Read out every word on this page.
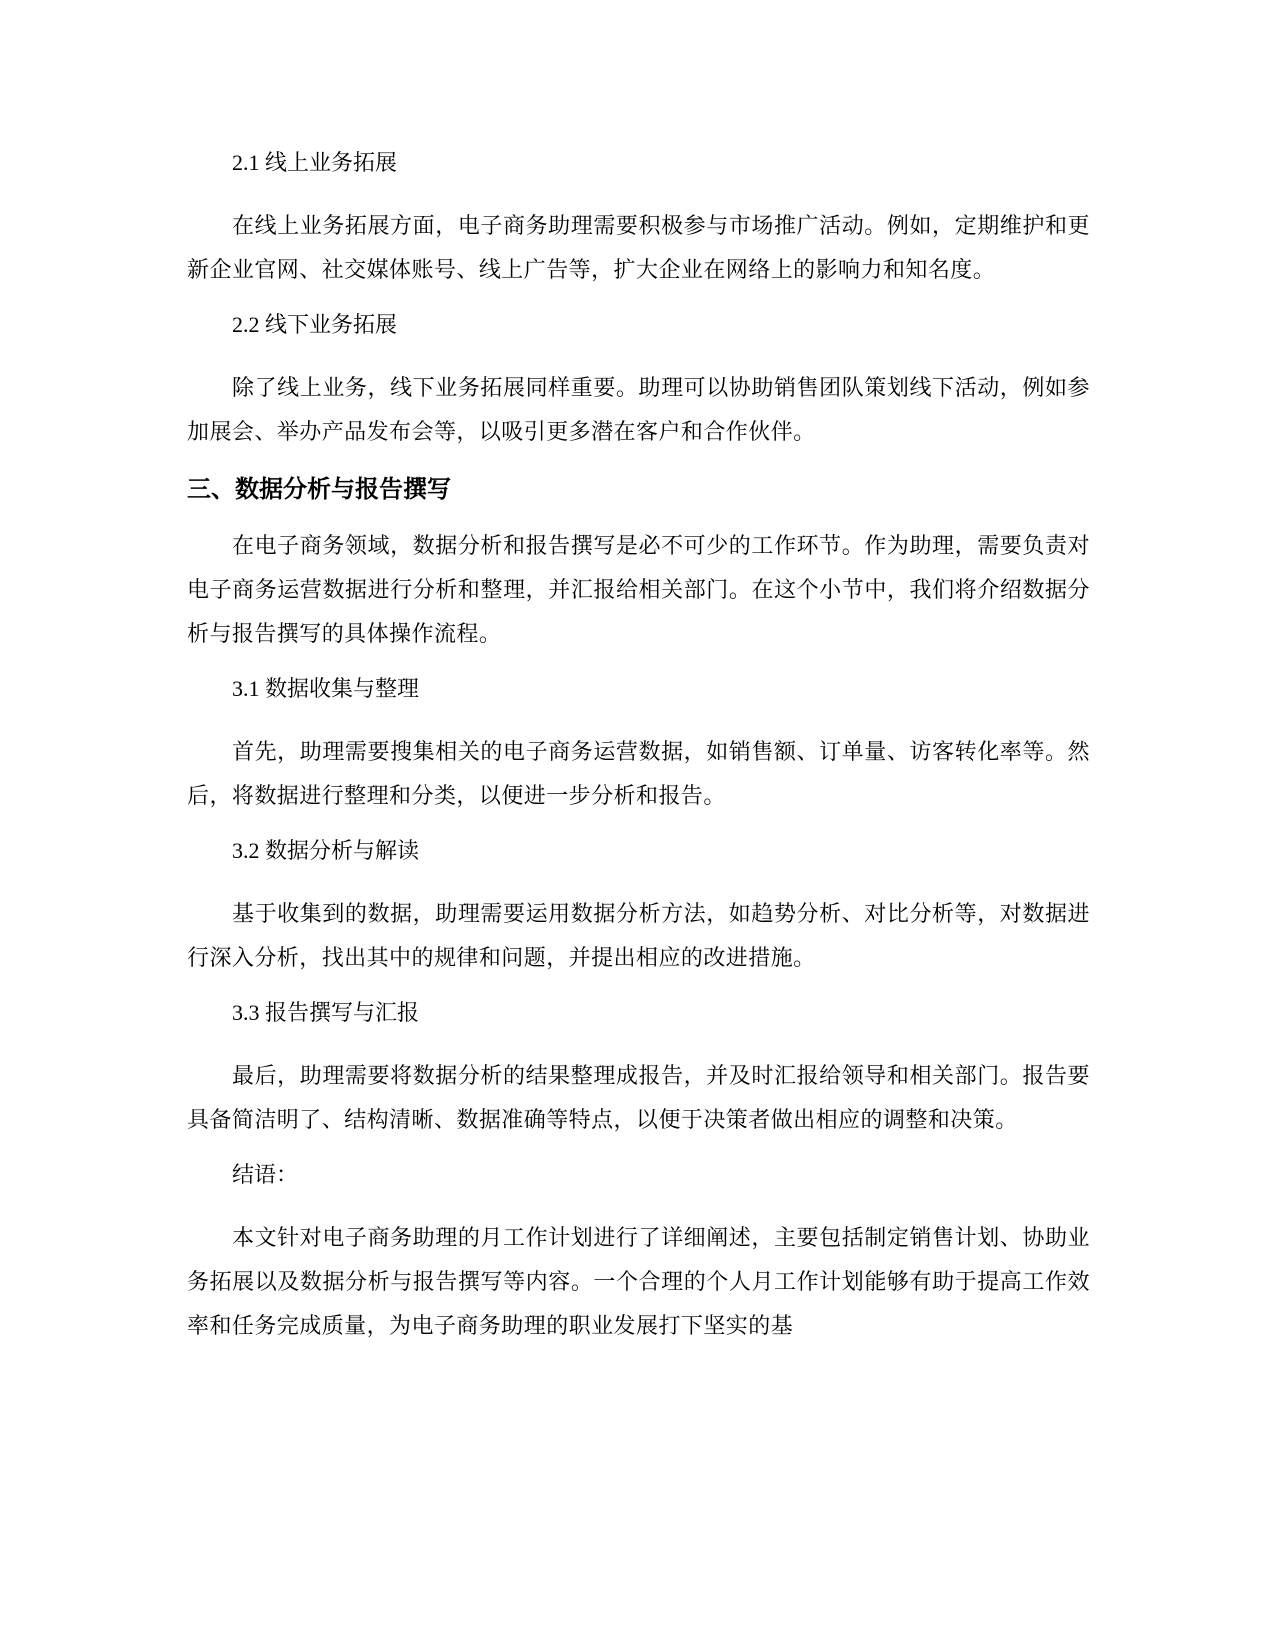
2.1 线上业务拓展

在线上业务拓展方面，电子商务助理需要积极参与市场推广活动。例如，定期维护和更新企业官网、社交媒体账号、线上广告等，扩大企业在网络上的影响力和知名度。

2.2 线下业务拓展

除了线上业务，线下业务拓展同样重要。助理可以协助销售团队策划线下活动，例如参加展会、举办产品发布会等，以吸引更多潜在客户和合作伙伴。

三、数据分析与报告撰写

在电子商务领域，数据分析和报告撰写是必不可少的工作环节。作为助理，需要负责对电子商务运营数据进行分析和整理，并汇报给相关部门。在这个小节中，我们将介绍数据分析与报告撰写的具体操作流程。

3.1 数据收集与整理

首先，助理需要搜集相关的电子商务运营数据，如销售额、订单量、访客转化率等。然后，将数据进行整理和分类，以便进一步分析和报告。

3.2 数据分析与解读

基于收集到的数据，助理需要运用数据分析方法，如趋势分析、对比分析等，对数据进行深入分析，找出其中的规律和问题，并提出相应的改进措施。

3.3 报告撰写与汇报

最后，助理需要将数据分析的结果整理成报告，并及时汇报给领导和相关部门。报告要具备简洁明了、结构清晰、数据准确等特点，以便于决策者做出相应的调整和决策。

结语：

本文针对电子商务助理的月工作计划进行了详细阐述，主要包括制定销售计划、协助业务拓展以及数据分析与报告撰写等内容。一个合理的个人月工作计划能够有助于提高工作效率和任务完成质量，为电子商务助理的职业发展打下坚实的基
